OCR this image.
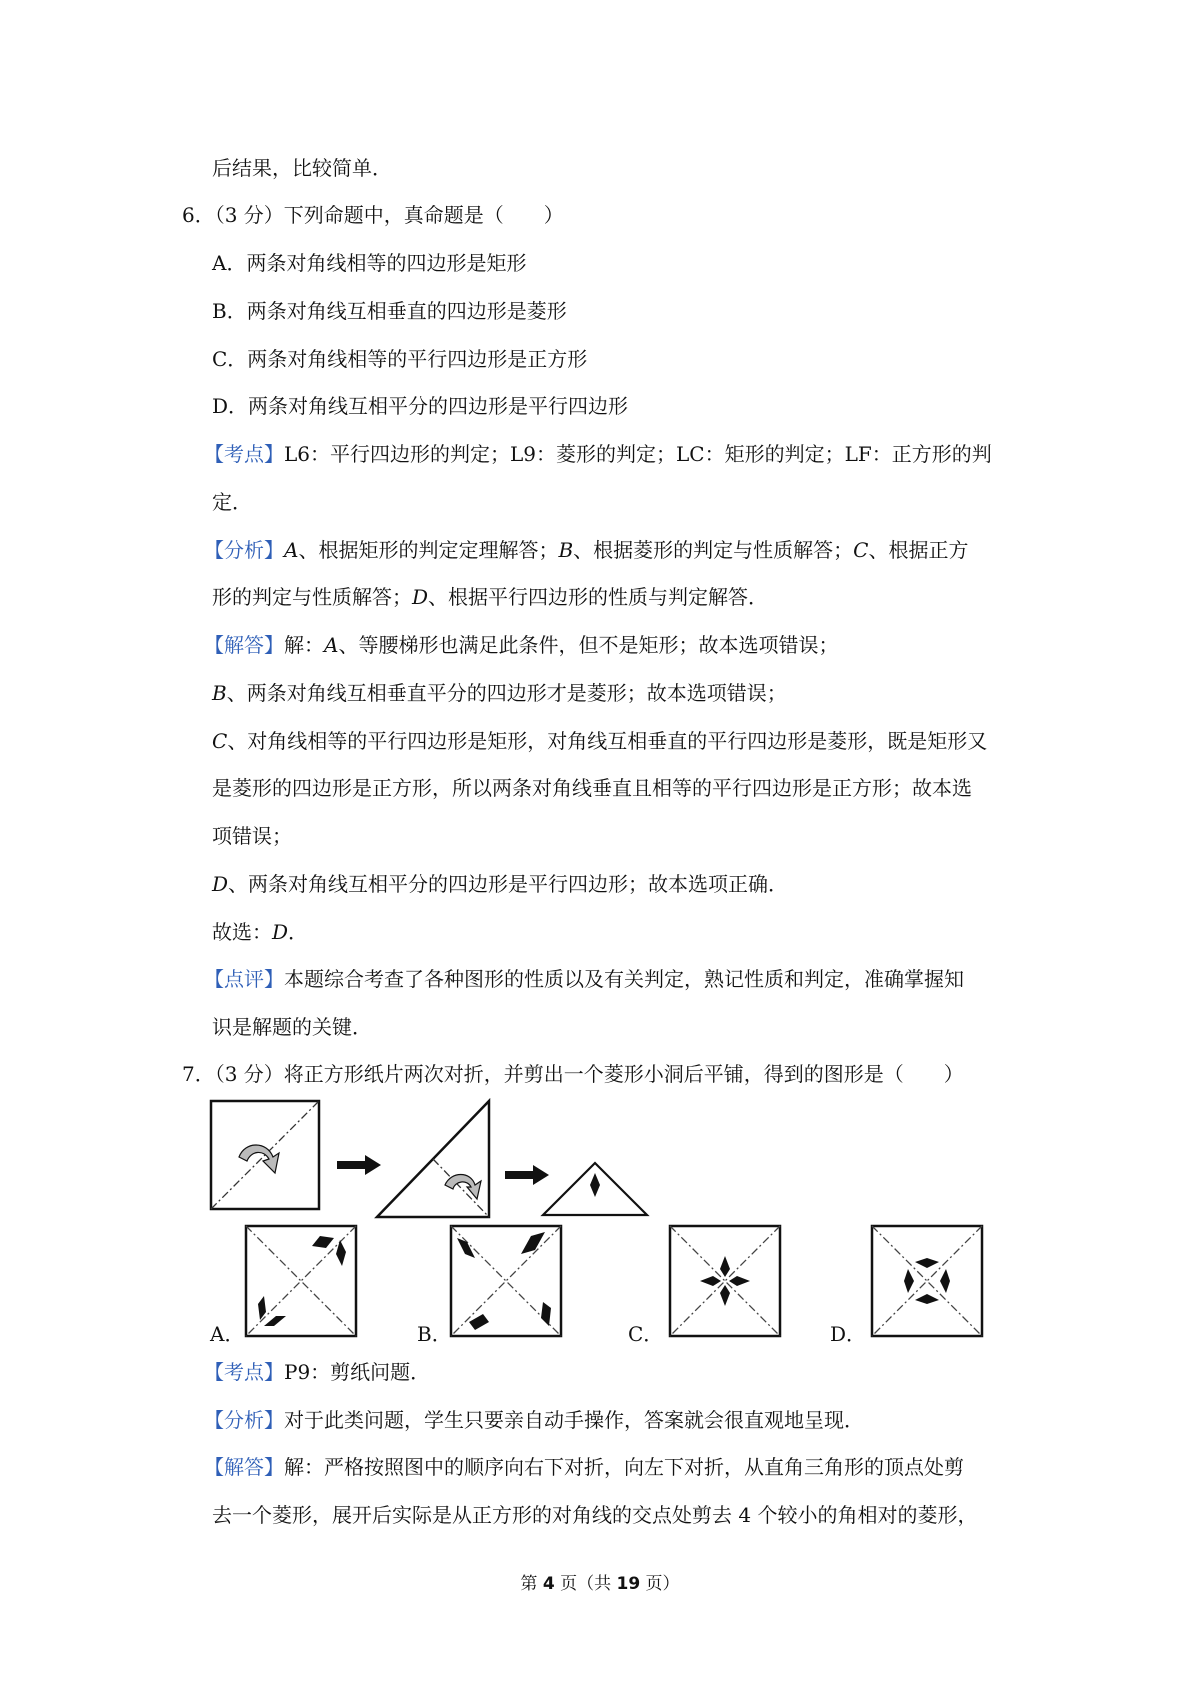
后结果，比较简单．
6．（3 分）下列命题中，真命题是（　　）
A．两条对角线相等的四边形是矩形
B．两条对角线互相垂直的四边形是菱形
C．两条对角线相等的平行四边形是正方形
D．两条对角线互相平分的四边形是平行四边形
【考点】L6：平行四边形的判定；L9：菱形的判定；LC：矩形的判定；LF：正方形的判
定．
【分析】A、根据矩形的判定定理解答；B、根据菱形的判定与性质解答；C、根据正方
形的判定与性质解答；D、根据平行四边形的性质与判定解答．
【解答】解：A、等腰梯形也满足此条件，但不是矩形；故本选项错误；
B、两条对角线互相垂直平分的四边形才是菱形；故本选项错误；
C、对角线相等的平行四边形是矩形，对角线互相垂直的平行四边形是菱形，既是矩形又
是菱形的四边形是正方形，所以两条对角线垂直且相等的平行四边形是正方形；故本选
项错误；
D、两条对角线互相平分的四边形是平行四边形；故本选项正确．
故选：D．
【点评】本题综合考查了各种图形的性质以及有关判定，熟记性质和判定，准确掌握知
识是解题的关键．
7．（3 分）将正方形纸片两次对折，并剪出一个菱形小洞后平铺，得到的图形是（　　）
A．	B．	C．	D．
【考点】P9：剪纸问题．
【分析】对于此类问题，学生只要亲自动手操作，答案就会很直观地呈现．
【解答】解：严格按照图中的顺序向右下对折，向左下对折，从直角三角形的顶点处剪
去一个菱形，展开后实际是从正方形的对角线的交点处剪去 4 个较小的角相对的菱形，
第 4 页（共 19 页）
